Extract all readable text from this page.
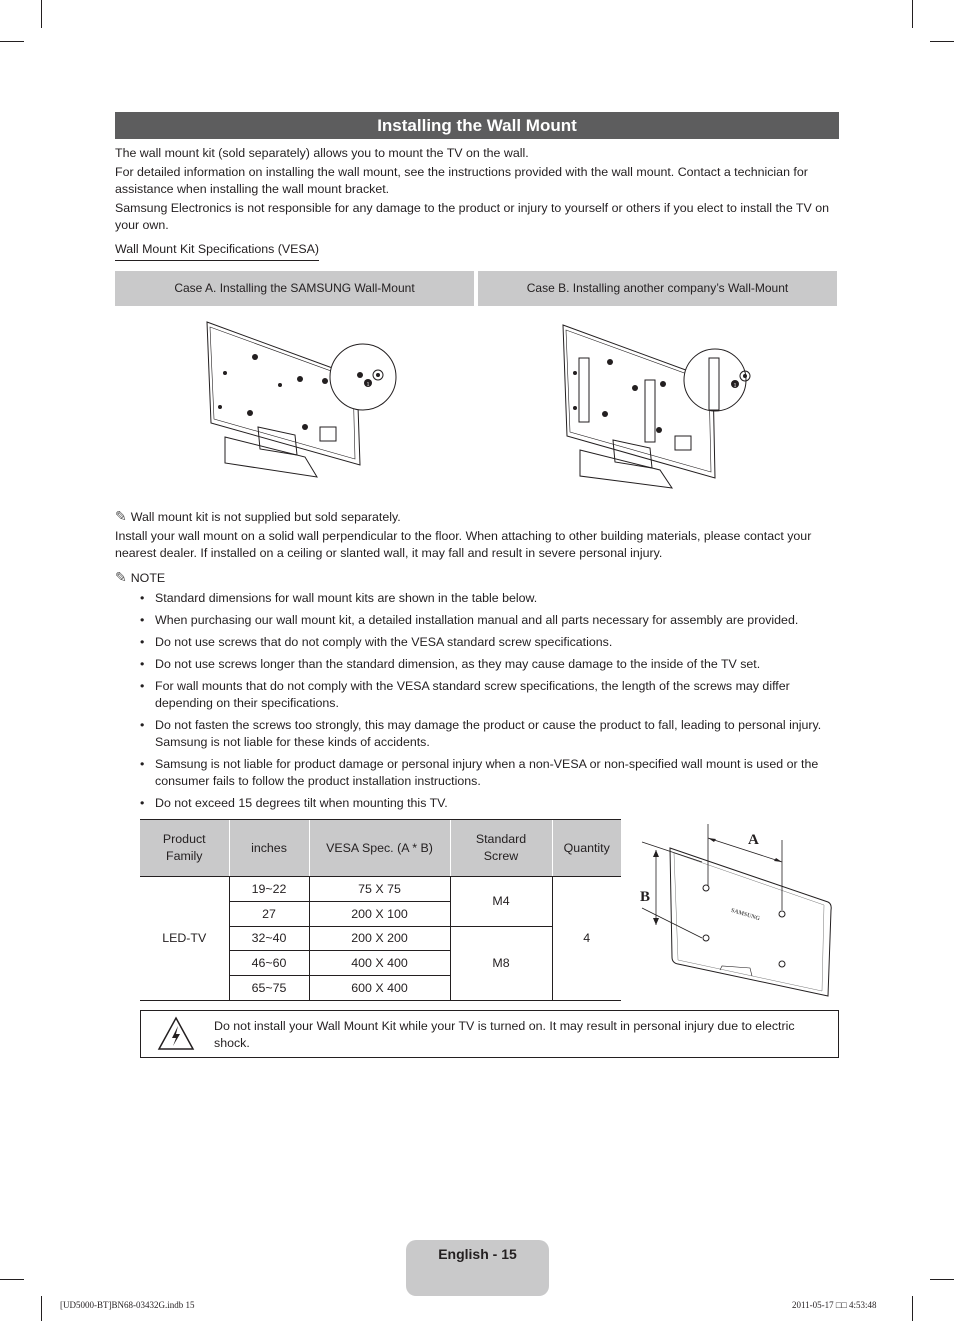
Installing the Wall Mount

The wall mount kit (sold separately) allows you to mount the TV on the wall.

For detailed information on installing the wall mount, see the instructions provided with the wall mount. Contact a technician for assistance when installing the wall mount bracket.

Samsung Electronics is not responsible for any damage to the product or injury to yourself or others if you elect to install the TV on your own.

Wall Mount Kit Specifications (VESA)
Case A. Installing the SAMSUNG Wall-Mount	Case B. Installing another company’s Wall-Mount
1	1
✎ Wall mount kit is not supplied but sold separately.

Install your wall mount on a solid wall perpendicular to the floor. When attaching to other building materials, please contact your nearest dealer. If installed on a ceiling or slanted wall, it may fall and result in severe personal injury.

✎ NOTE
• Standard dimensions for wall mount kits are shown in the table below.
• When purchasing our wall mount kit, a detailed installation manual and all parts necessary for assembly are provided.
• Do not use screws that do not comply with the VESA standard screw specifications.
• Do not use screws longer than the standard dimension, as they may cause damage to the inside of the TV set.
• For wall mounts that do not comply with the VESA standard screw specifications, the length of the screws may differ depending on their specifications.
• Do not fasten the screws too strongly, this may damage the product or cause the product to fall, leading to personal injury. Samsung is not liable for these kinds of accidents.
• Samsung is not liable for product damage or personal injury when a non-VESA or non-specified wall mount is used or the consumer fails to follow the product installation instructions.
• Do not exceed 15 degrees tilt when mounting this TV.
Product Family	inches	VESA Spec. (A * B)	Standard Screw	Quantity
LED-TV	19~22	75 X 75	M4	4
	27	200 X 100		
	32~40	200 X 200	M8	
	46~60	400 X 400		
	65~75	600 X 400		
A
B
SAMSUNG
Do not install your Wall Mount Kit while your TV is turned on. It may result in personal injury due to electric shock.
English - 15
[UD5000-BT]BN68-03432G.indb 15	2011-05-17 □□ 4:53:48
